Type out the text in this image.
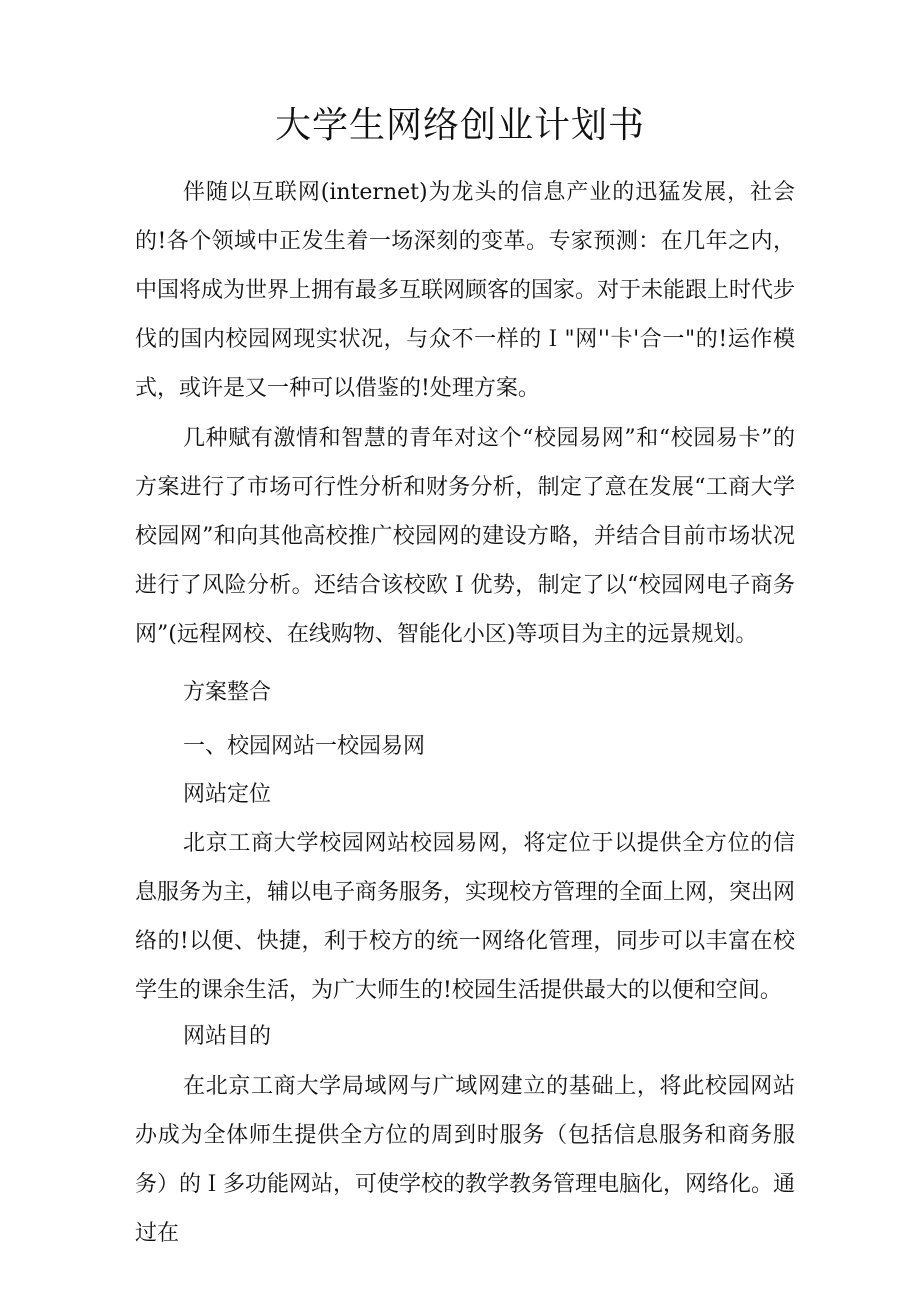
大学生网络创业计划书

伴随以互联网(internet)为龙头的信息产业的迅猛发展，社会的!各个领域中正发生着一场深刻的变革。专家预测：在几年之内，中国将成为世界上拥有最多互联网顾客的国家。对于未能跟上时代步伐的国内校园网现实状况，与众不一样的Ｉ"网''卡'合一"的!运作模式，或许是又一种可以借鉴的!处理方案。

几种赋有激情和智慧的青年对这个“校园易网”和“校园易卡”的方案进行了市场可行性分析和财务分析，制定了意在发展“工商大学校园网”和向其他高校推广校园网的建设方略，并结合目前市场状况进行了风险分析。还结合该校欧Ｉ优势，制定了以“校园网电子商务网”(远程网校、在线购物、智能化小区)等项目为主的远景规划。

方案整合

一、校园网站一校园易网

网站定位

北京工商大学校园网站校园易网，将定位于以提供全方位的信息服务为主，辅以电子商务服务，实现校方管理的全面上网，突出网络的!以便、快捷，利于校方的统一网络化管理，同步可以丰富在校学生的课余生活，为广大师生的!校园生活提供最大的以便和空间。

网站目的

在北京工商大学局域网与广域网建立的基础上，将此校园网站办成为全体师生提供全方位的周到时服务（包括信息服务和商务服务）的Ｉ多功能网站，可使学校的教学教务管理电脑化，网络化。通过在
